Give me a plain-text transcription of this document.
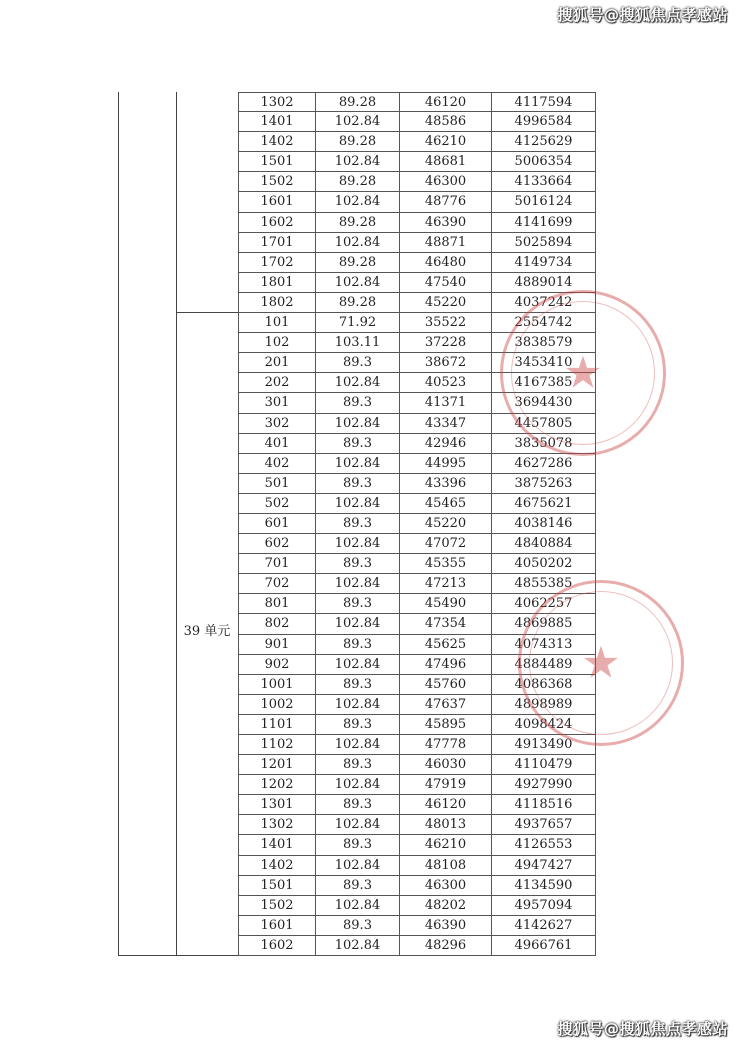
搜狐号@搜狐焦点孝感站
39 单元
1302	89.28	46120	4117594
1401	102.84	48586	4996584
1402	89.28	46210	4125629
1501	102.84	48681	5006354
1502	89.28	46300	4133664
1601	102.84	48776	5016124
1602	89.28	46390	4141699
1701	102.84	48871	5025894
1702	89.28	46480	4149734
1801	102.84	47540	4889014
1802	89.28	45220	4037242
101	71.92	35522	2554742
102	103.11	37228	3838579
201	89.3	38672	3453410
202	102.84	40523	4167385
301	89.3	41371	3694430
302	102.84	43347	4457805
401	89.3	42946	3835078
402	102.84	44995	4627286
501	89.3	43396	3875263
502	102.84	45465	4675621
601	89.3	45220	4038146
602	102.84	47072	4840884
701	89.3	45355	4050202
702	102.84	47213	4855385
801	89.3	45490	4062257
802	102.84	47354	4869885
901	89.3	45625	4074313
902	102.84	47496	4884489
1001	89.3	45760	4086368
1002	102.84	47637	4898989
1101	89.3	45895	4098424
1102	102.84	47778	4913490
1201	89.3	46030	4110479
1202	102.84	47919	4927990
1301	89.3	46120	4118516
1302	102.84	48013	4937657
1401	89.3	46210	4126553
1402	102.84	48108	4947427
1501	89.3	46300	4134590
1502	102.84	48202	4957094
1601	89.3	46390	4142627
1602	102.84	48296	4966761
★
★
搜狐号@搜狐焦点孝感站
